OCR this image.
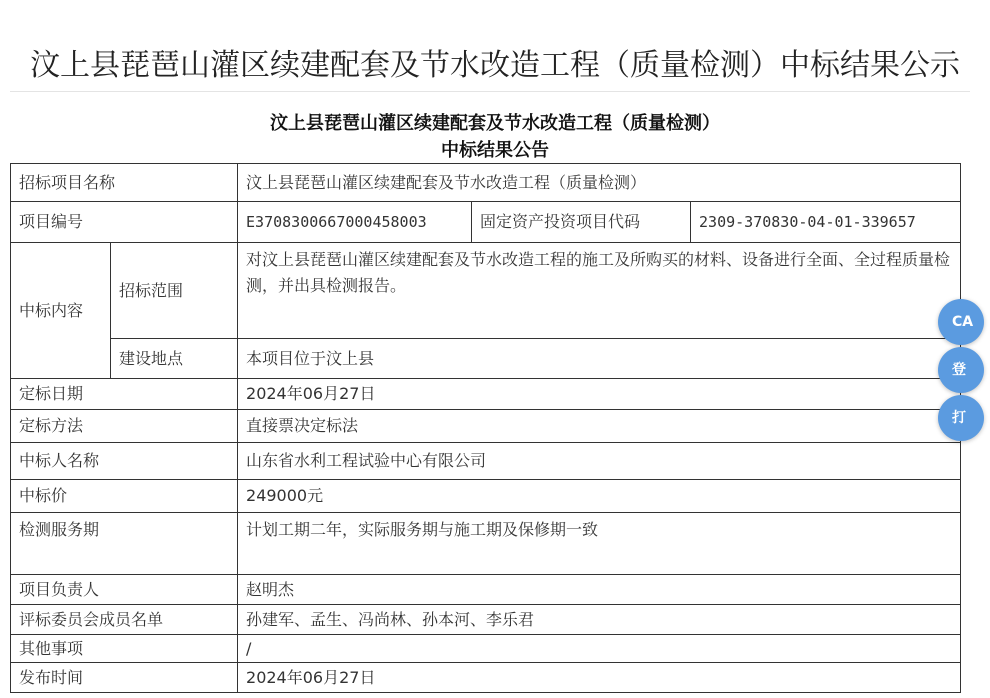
汶上县琵琶山灌区续建配套及节水改造工程（质量检测）中标结果公示
汶上县琵琶山灌区续建配套及节水改造工程（质量检测）
中标结果公告
招标项目名称		汶上县琵琶山灌区续建配套及节水改造工程（质量检测）		
项目编号		E3708300667000458003	固定资产投资项目代码	2309-370830-04-01-339657
中标内容	招标范围	对汶上县琵琶山灌区续建配套及节水改造工程的施工及所购买的材料、设备进行全面、全过程质量检测，并出具检测报告。		
	建设地点	本项目位于汶上县		
定标日期		2024年06月27日		
定标方法		直接票决定标法		
中标人名称		山东省水利工程试验中心有限公司		
中标价		249000元		
检测服务期		计划工期二年，实际服务期与施工期及保修期一致		
项目负责人		赵明杰		
评标委员会成员名单		孙建军、孟生、冯尚林、孙本河、李乐君		
其他事项		/		
发布时间		2024年06月27日		
CA
登
打
